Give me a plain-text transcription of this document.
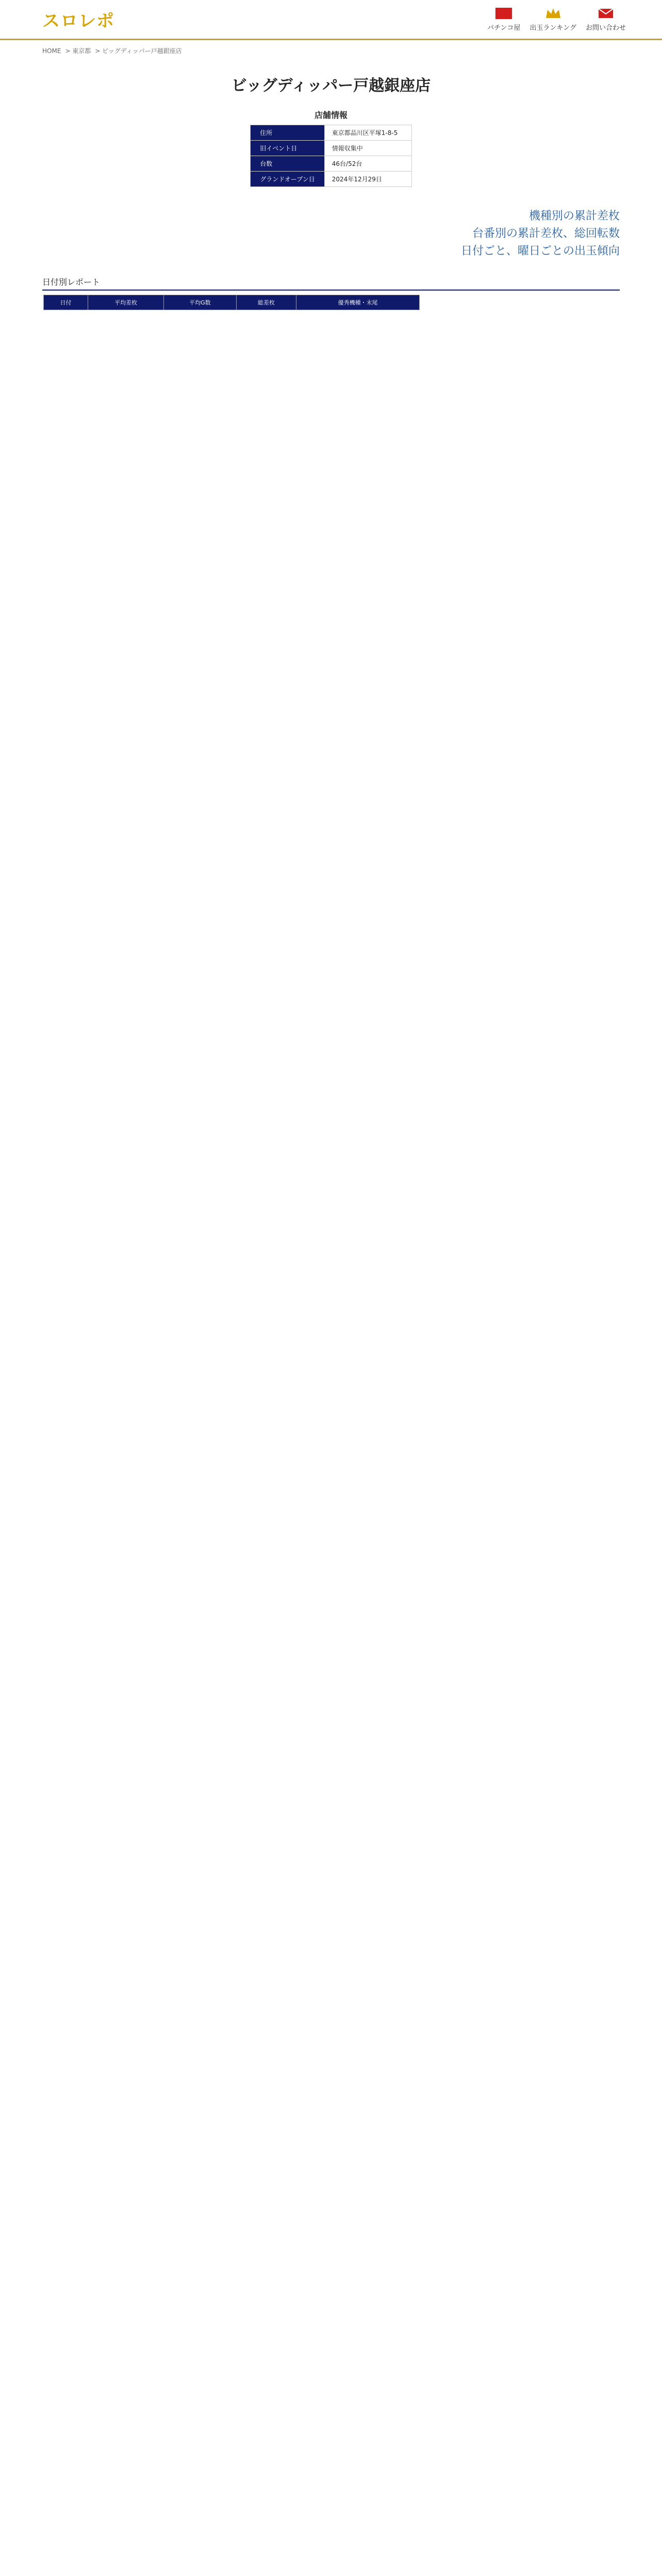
スロレポ	パチンコ屋 出玉ランキング お問い合わせ
HOME > 東京都 > ビッグディッパー戸越銀座店
ビッグディッパー戸越銀座店
店舗情報
住所	東京都品川区平塚1-8-5
旧イベント日	情報収集中
台数	46台/52台
グランドオープン日	2024年12月29日
機種別の累計差枚
台番別の累計差枚、総回転数
日付ごと、曜日ごとの出玉傾向
日付別レポート
日付	平均差枚	平均G数	総差枚	優秀機種・末尾
